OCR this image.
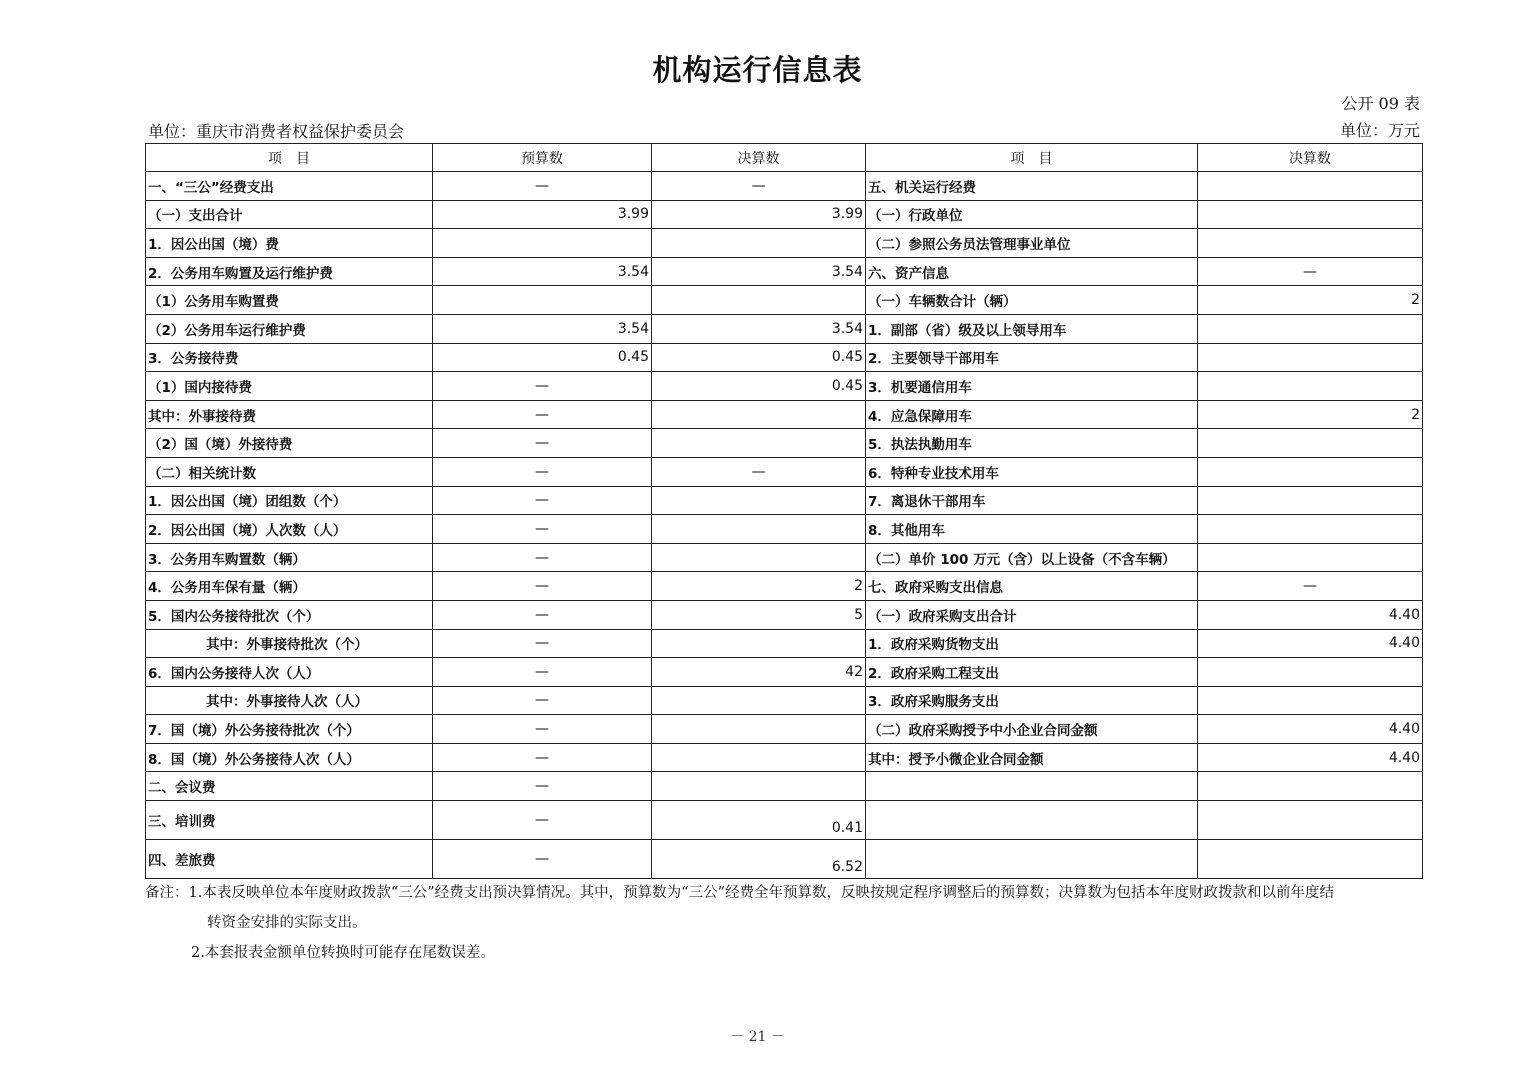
机构运行信息表
公开 09 表
单位：重庆市消费者权益保护委员会	单位：万元
项　目	预算数	决算数	项　目	决算数
一、“三公”经费支出	—	—	五、机关运行经费	
（一）支出合计	3.99	3.99	（一）行政单位	
1．因公出国（境）费			（二）参照公务员法管理事业单位	
2．公务用车购置及运行维护费	3.54	3.54	六、资产信息	—
（1）公务用车购置费			（一）车辆数合计（辆）	2
（2）公务用车运行维护费	3.54	3.54	1．副部（省）级及以上领导用车	
3．公务接待费	0.45	0.45	2．主要领导干部用车	
（1）国内接待费	—	0.45	3．机要通信用车	
其中：外事接待费	—		4．应急保障用车	2
（2）国（境）外接待费	—		5．执法执勤用车	
（二）相关统计数	—	—	6．特种专业技术用车	
1．因公出国（境）团组数（个）	—		7．离退休干部用车	
2．因公出国（境）人次数（人）	—		8．其他用车	
3．公务用车购置数（辆）	—		（二）单价 100 万元（含）以上设备（不含车辆）	
4．公务用车保有量（辆）	—	2	七、政府采购支出信息	—
5．国内公务接待批次（个）	—	5	（一）政府采购支出合计	4.40
其中：外事接待批次（个）	—		1．政府采购货物支出	4.40
6．国内公务接待人次（人）	—	42	2．政府采购工程支出	
其中：外事接待人次（人）	—		3．政府采购服务支出	
7．国（境）外公务接待批次（个）	—		（二）政府采购授予中小企业合同金额	4.40
8．国（境）外公务接待人次（人）	—		其中：授予小微企业合同金额	4.40
二、会议费	—			
三、培训费	—	0.41		
四、差旅费	—	6.52		
备注：1.本表反映单位本年度财政拨款“三公”经费支出预决算情况。其中，预算数为“三公”经费全年预算数，反映按规定程序调整后的预算数；决算数为包括本年度财政拨款和以前年度结
转资金安排的实际支出。
2.本套报表金额单位转换时可能存在尾数误差。
－ 21 －
